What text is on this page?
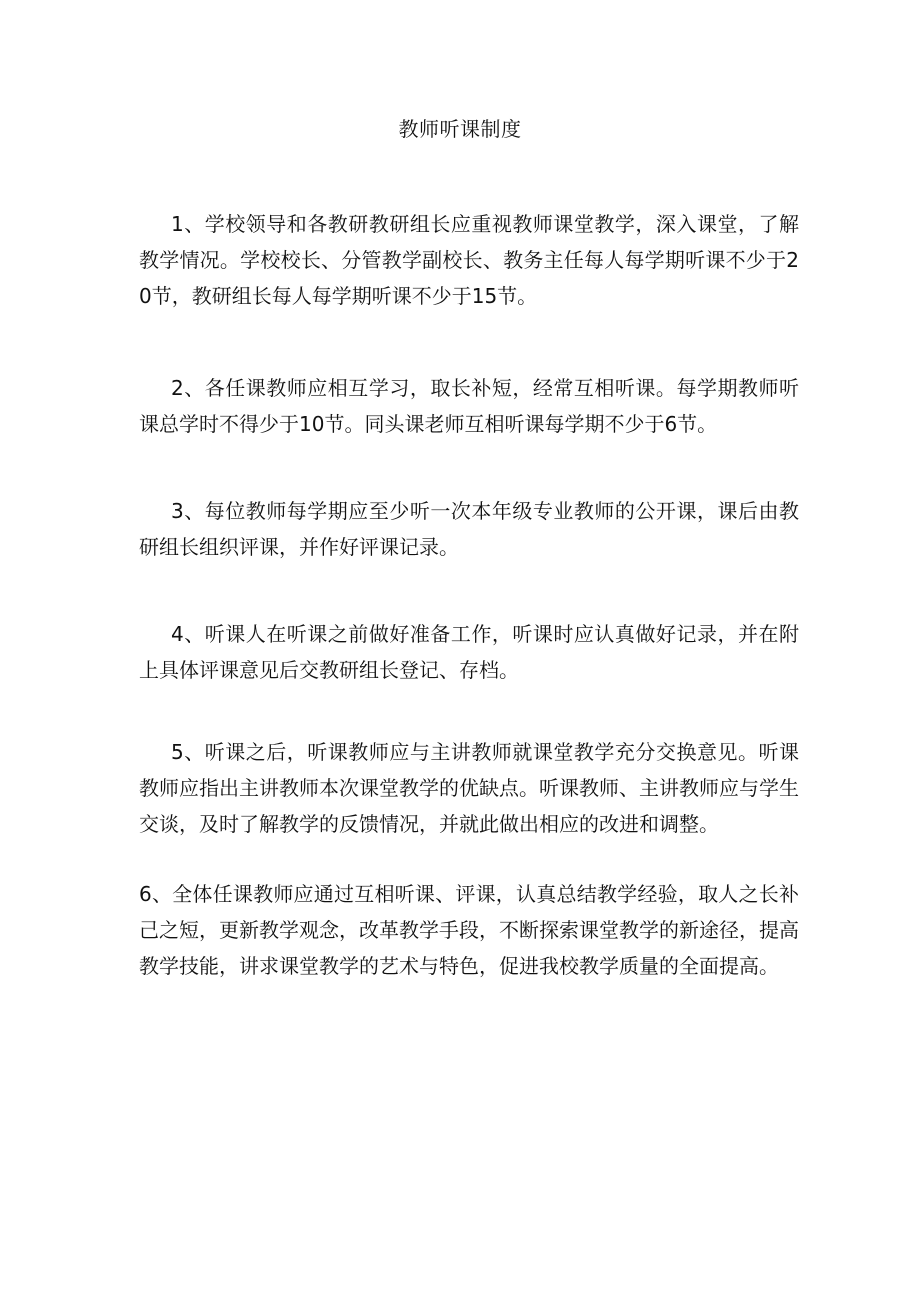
教师听课制度

1、学校领导和各教研教研组长应重视教师课堂教学，深入课堂，了解教学情况。学校校长、分管教学副校长、教务主任每人每学期听课不少于20节，教研组长每人每学期听课不少于15节。

2、各任课教师应相互学习，取长补短，经常互相听课。每学期教师听课总学时不得少于10节。同头课老师互相听课每学期不少于6节。

3、每位教师每学期应至少听一次本年级专业教师的公开课，课后由教研组长组织评课，并作好评课记录。

4、听课人在听课之前做好准备工作，听课时应认真做好记录，并在附上具体评课意见后交教研组长登记、存档。

5、听课之后，听课教师应与主讲教师就课堂教学充分交换意见。听课教师应指出主讲教师本次课堂教学的优缺点。听课教师、主讲教师应与学生交谈，及时了解教学的反馈情况，并就此做出相应的改进和调整。

6、全体任课教师应通过互相听课、评课，认真总结教学经验，取人之长补己之短，更新教学观念，改革教学手段，不断探索课堂教学的新途径，提高教学技能，讲求课堂教学的艺术与特色，促进我校教学质量的全面提高。
